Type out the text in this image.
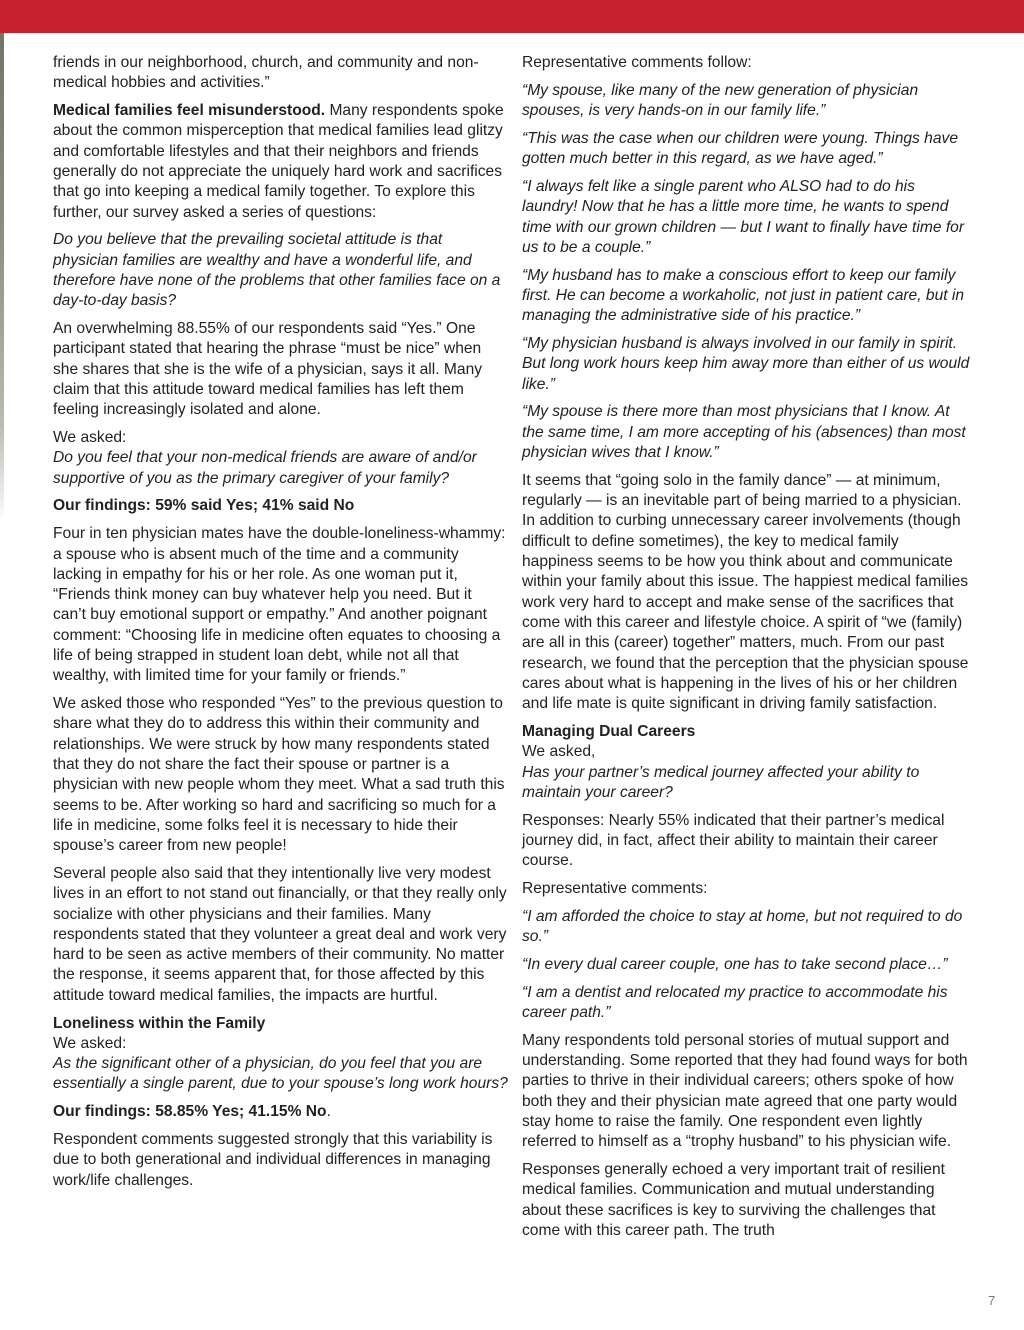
friends in our neighborhood, church, and community and non-medical hobbies and activities.”

Medical families feel misunderstood. Many respondents spoke about the common misperception that medical families lead glitzy and comfortable lifestyles and that their neighbors and friends generally do not appreciate the uniquely hard work and sacrifices that go into keeping a medical family together. To explore this further, our survey asked a series of questions:

Do you believe that the prevailing societal attitude is that physician families are wealthy and have a wonderful life, and therefore have none of the problems that other families face on a day-to-day basis?

An overwhelming 88.55% of our respondents said “Yes.” One participant stated that hearing the phrase “must be nice” when she shares that she is the wife of a physician, says it all. Many claim that this attitude toward medical families has left them feeling increasingly isolated and alone.

We asked:

Do you feel that your non-medical friends are aware of and/or supportive of you as the primary caregiver of your family?

Our findings: 59% said Yes; 41% said No

Four in ten physician mates have the double-loneliness-whammy: a spouse who is absent much of the time and a community lacking in empathy for his or her role. As one woman put it, “Friends think money can buy whatever help you need. But it can’t buy emotional support or empathy.” And another poignant comment: “Choosing life in medicine often equates to choosing a life of being strapped in student loan debt, while not all that wealthy, with limited time for your family or friends.”

We asked those who responded “Yes” to the previous question to share what they do to address this within their community and relationships. We were struck by how many respondents stated that they do not share the fact their spouse or partner is a physician with new people whom they meet. What a sad truth this seems to be. After working so hard and sacrificing so much for a life in medicine, some folks feel it is necessary to hide their spouse’s career from new people!

Several people also said that they intentionally live very modest lives in an effort to not stand out financially, or that they really only socialize with other physicians and their families. Many respondents stated that they volunteer a great deal and work very hard to be seen as active members of their community. No matter the response, it seems apparent that, for those affected by this attitude toward medical families, the impacts are hurtful.

Loneliness within the Family
We asked:

As the significant other of a physician, do you feel that you are essentially a single parent, due to your spouse’s long work hours?

Our findings: 58.85% Yes; 41.15% No.

Respondent comments suggested strongly that this variability is due to both generational and individual differences in managing work/life challenges.

Representative comments follow:

“My spouse, like many of the new generation of physician spouses, is very hands-on in our family life.”

“This was the case when our children were young. Things have gotten much better in this regard, as we have aged.”

“I always felt like a single parent who ALSO had to do his laundry! Now that he has a little more time, he wants to spend time with our grown children — but I want to finally have time for us to be a couple.”

“My husband has to make a conscious effort to keep our family first. He can become a workaholic, not just in patient care, but in managing the administrative side of his practice.”

“My physician husband is always involved in our family in spirit. But long work hours keep him away more than either of us would like.”

“My spouse is there more than most physicians that I know. At the same time, I am more accepting of his (absences) than most physician wives that I know.”

It seems that “going solo in the family dance” — at minimum, regularly — is an inevitable part of being married to a physician. In addition to curbing unnecessary career involvements (though difficult to define sometimes), the key to medical family happiness seems to be how you think about and communicate within your family about this issue. The happiest medical families work very hard to accept and make sense of the sacrifices that come with this career and lifestyle choice. A spirit of “we (family) are all in this (career) together” matters, much. From our past research, we found that the perception that the physician spouse cares about what is happening in the lives of his or her children and life mate is quite significant in driving family satisfaction.

Managing Dual Careers
We asked,

Has your partner’s medical journey affected your ability to maintain your career?

Responses: Nearly 55% indicated that their partner’s medical journey did, in fact, affect their ability to maintain their career course.

Representative comments:

“I am afforded the choice to stay at home, but not required to do so.”

“In every dual career couple, one has to take second place…”

“I am a dentist and relocated my practice to accommodate his career path.”

Many respondents told personal stories of mutual support and understanding. Some reported that they had found ways for both parties to thrive in their individual careers; others spoke of how both they and their physician mate agreed that one party would stay home to raise the family. One respondent even lightly referred to himself as a “trophy husband” to his physician wife.

Responses generally echoed a very important trait of resilient medical families. Communication and mutual understanding about these sacrifices is key to surviving the challenges that come with this career path. The truth

7
